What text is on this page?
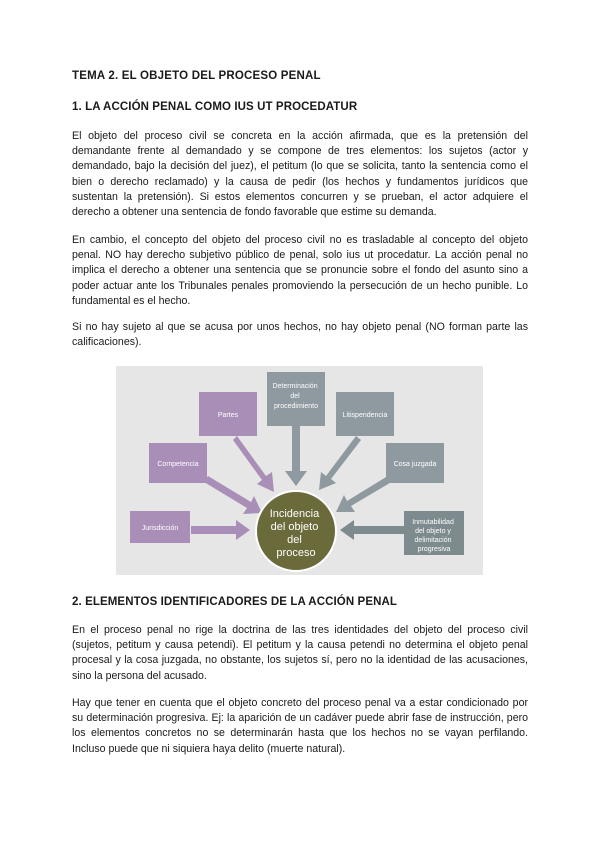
TEMA 2. EL OBJETO DEL PROCESO PENAL
1. LA ACCIÓN PENAL COMO IUS UT PROCEDATUR
El objeto del proceso civil se concreta en la acción afirmada, que es la pretensión del demandante frente al demandado y se compone de tres elementos: los sujetos (actor y demandado, bajo la decisión del juez), el petitum (lo que se solicita, tanto la sentencia como el bien o derecho reclamado) y la causa de pedir (los hechos y fundamentos jurídicos que sustentan la pretensión). Si estos elementos concurren y se prueban, el actor adquiere el derecho a obtener una sentencia de fondo favorable que estime su demanda.
En cambio, el concepto del objeto del proceso civil no es trasladable al concepto del objeto penal. NO hay derecho subjetivo público de penal, solo ius ut procedatur. La acción penal no implica el derecho a obtener una sentencia que se pronuncie sobre el fondo del asunto sino a poder actuar ante los Tribunales penales promoviendo la persecución de un hecho punible. Lo fundamental es el hecho.
Si no hay sujeto al que se acusa por unos hechos, no hay objeto penal (NO forman parte las calificaciones).
2. ELEMENTOS IDENTIFICADORES DE LA ACCIÓN PENAL
En el proceso penal no rige la doctrina de las tres identidades del objeto del proceso civil (sujetos, petitum y causa petendi). El petitum y la causa petendi no determina el objeto penal procesal y la cosa juzgada, no obstante, los sujetos sí, pero no la identidad de las acusaciones, sino la persona del acusado.
Hay que tener en cuenta que el objeto concreto del proceso penal va a estar condicionado por su determinación progresiva. Ej: la aparición de un cadáver puede abrir fase de instrucción, pero los elementos concretos no se determinarán hasta que los hechos no se vayan perfilando. Incluso puede que ni siquiera haya delito (muerte natural).
Jurisdicción
Competencia
Partes
Determinación del procedimiento
Litispendencia
Cosa juzgada
Inmutabilidad del objeto y delimitación progresiva
Incidencia del objeto del proceso
